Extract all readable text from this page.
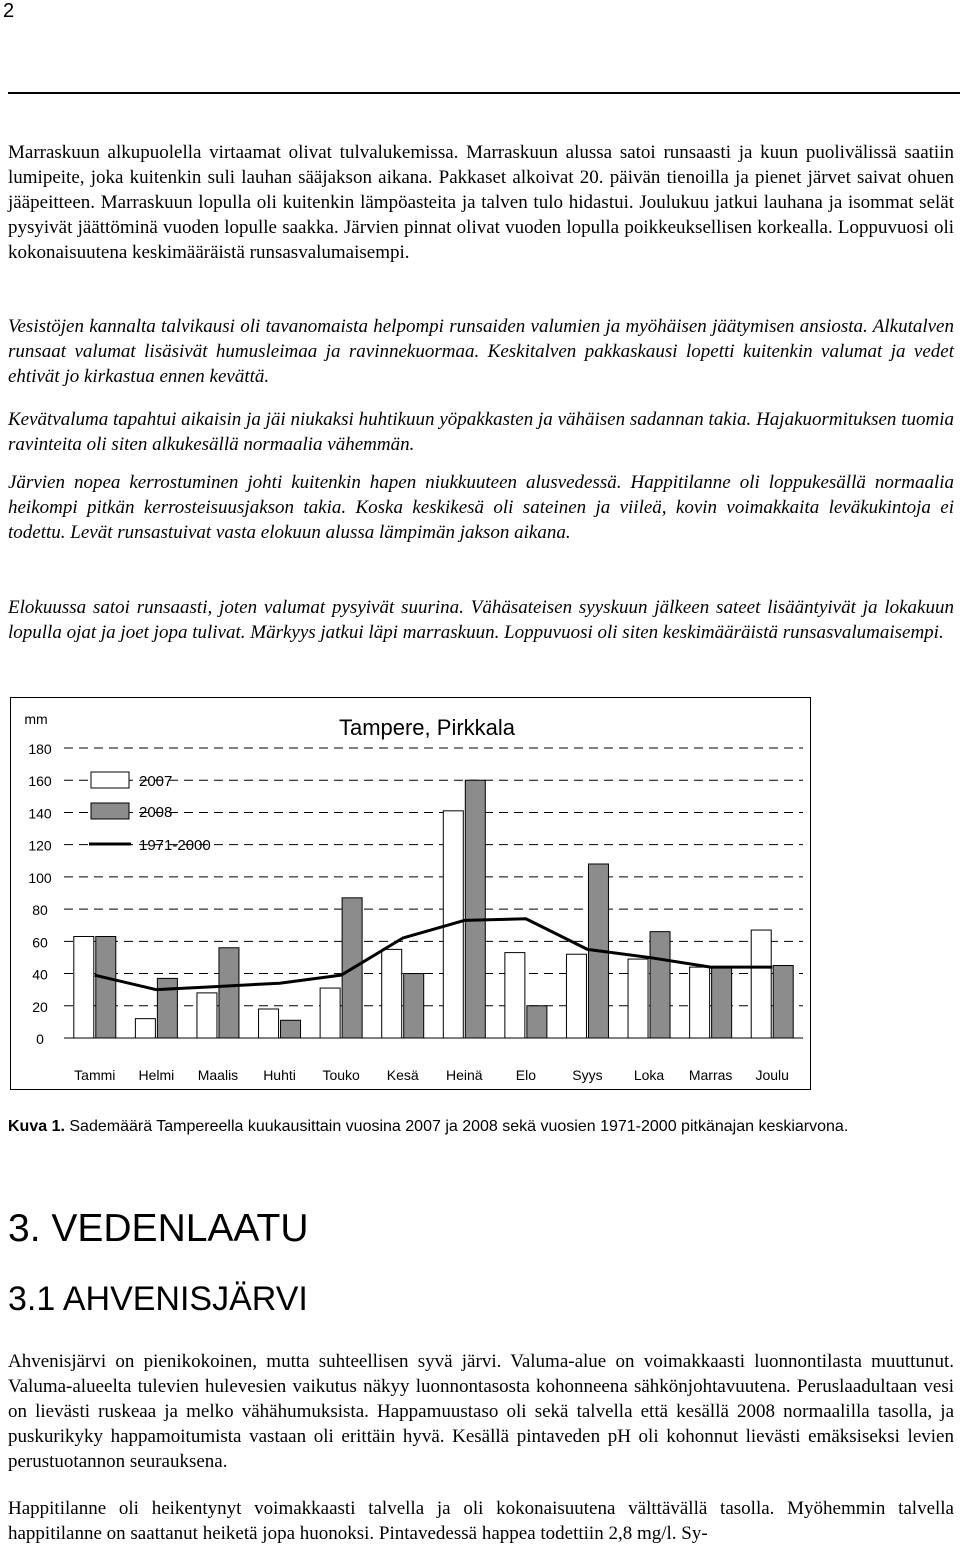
2

Marraskuun alkupuolella virtaamat olivat tulvalukemissa. Marraskuun alussa satoi runsaasti ja kuun puolivälissä saatiin lumipeite, joka kuitenkin suli lauhan sääjakson aikana. Pakkaset alkoivat 20. päivän tienoilla ja pienet järvet saivat ohuen jääpeitteen. Marraskuun lopulla oli kuitenkin lämpöasteita ja talven tulo hidastui. Joulukuu jatkui lauhana ja isommat selät pysyivät jäättöminä vuoden lopulle saakka. Järvien pinnat olivat vuoden lopulla poikkeuksellisen korkealla. Loppuvuosi oli kokonaisuutena keskimääräistä runsasvalumaisempi.

Vesistöjen kannalta talvikausi oli tavanomaista helpompi runsaiden valumien ja myöhäisen jäätymisen ansiosta. Alkutalven runsaat valumat lisäsivät humusleimaa ja ravinnekuormaa. Keskitalven pakkaskausi lopetti kuitenkin valumat ja vedet ehtivät jo kirkastua ennen kevättä.

Kevätvaluma tapahtui aikaisin ja jäi niukaksi huhtikuun yöpakkasten ja vähäisen sadannan takia. Hajakuormituksen tuomia ravinteita oli siten alkukesällä normaalia vähemmän.

Järvien nopea kerrostuminen johti kuitenkin hapen niukkuuteen alusvedessä. Happitilanne oli loppukesällä normaalia heikompi pitkän kerrosteisuusjakson takia. Koska keskikesä oli sateinen ja viileä, kovin voimakkaita leväkukintoja ei todettu. Levät runsastuivat vasta elokuun alussa lämpimän jakson aikana.

Elokuussa satoi runsaasti, joten valumat pysyivät suurina. Vähäsateisen syyskuun jälkeen sateet lisääntyivät ja lokakuun lopulla ojat ja joet jopa tulivat. Märkyys jatkui läpi marraskuun. Loppuvuosi oli siten keskimääräistä runsasvalumaisempi.

0
20
40
60
80
100
120
140
160
180
mm	Tampere, Pirkkala
Tammi Helmi Maalis Huhti Touko Kesä Heinä Elo	Syys Loka Marras Joulu
2007
2008
1971-2000

Kuva 1. Sademäärä Tampereella kuukausittain vuosina 2007 ja 2008 sekä vuosien 1971-2000 pitkänajan keskiarvona.

3. VEDENLAATU
3.1 AHVENISJÄRVI

Ahvenisjärvi on pienikokoinen, mutta suhteellisen syvä järvi. Valuma-alue on voimakkaasti luonnontilasta muuttunut. Valuma-alueelta tulevien hulevesien vaikutus näkyy luonnontasosta kohonneena sähkönjohtavuutena. Peruslaadultaan vesi on lievästi ruskeaa ja melko vähähumuksista. Happamuustaso oli sekä talvella että kesällä 2008 normaalilla tasolla, ja puskurikyky happamoitumista vastaan oli erittäin hyvä. Kesällä pintaveden pH oli kohonnut lievästi emäksiseksi levien perustuotannon seurauksena.

Happitilanne oli heikentynyt voimakkaasti talvella ja oli kokonaisuutena välttävällä tasolla. Myöhemmin talvella happitilanne on saattanut heiketä jopa huonoksi. Pintavedessä happea todettiin 2,8 mg/l. Sy-
